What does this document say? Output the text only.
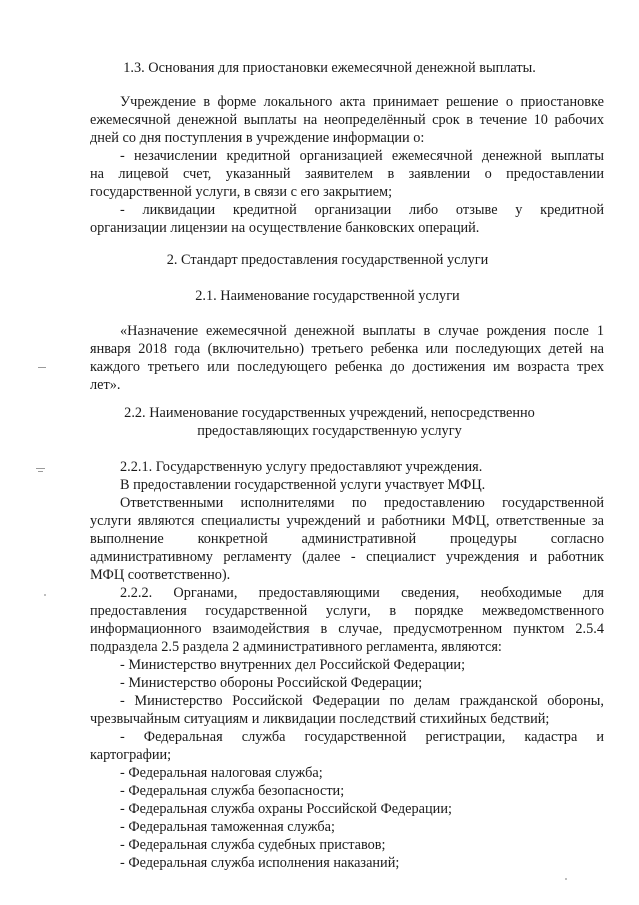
1.3. Основания для приостановки ежемесячной денежной выплаты.

Учреждение в форме локального акта принимает решение о приостановке

ежемесячной денежной выплаты на неопределённый срок в течение 10 рабочих

дней со дня поступления в учреждение информации о:

- незачислении кредитной организацией ежемесячной денежной выплаты

на лицевой счет, указанный заявителем в заявлении о предоставлении

государственной услуги, в связи с его закрытием;

- ликвидации кредитной организации либо отзыве у кредитной

организации лицензии на осуществление банковских операций.

2. Стандарт предоставления государственной услуги

2.1. Наименование государственной услуги

«Назначение ежемесячной денежной выплаты в случае рождения после 1

января 2018 года (включительно) третьего ребенка или последующих детей на

каждого третьего или последующего ребенка до достижения им возраста трех

лет».

2.2. Наименование государственных учреждений, непосредственно

предоставляющих государственную услугу

2.2.1. Государственную услугу предоставляют учреждения.

В предоставлении государственной услуги участвует МФЦ.

Ответственными исполнителями по предоставлению государственной

услуги являются специалисты учреждений и работники МФЦ, ответственные за

выполнение конкретной административной процедуры согласно

административному регламенту (далее - специалист учреждения и работник

МФЦ соответственно).

2.2.2. Органами, предоставляющими сведения, необходимые для

предоставления государственной услуги, в порядке межведомственного

информационного взаимодействия в случае, предусмотренном пунктом 2.5.4

подраздела 2.5 раздела 2 административного регламента, являются:

- Министерство внутренних дел Российской Федерации;

- Министерство обороны Российской Федерации;

- Министерство Российской Федерации по делам гражданской обороны,

чрезвычайным ситуациям и ликвидации последствий стихийных бедствий;

- Федеральная служба государственной регистрации, кадастра и

картографии;

- Федеральная налоговая служба;

- Федеральная служба безопасности;

- Федеральная служба охраны Российской Федерации;

- Федеральная таможенная служба;

- Федеральная служба судебных приставов;

- Федеральная служба исполнения наказаний;
